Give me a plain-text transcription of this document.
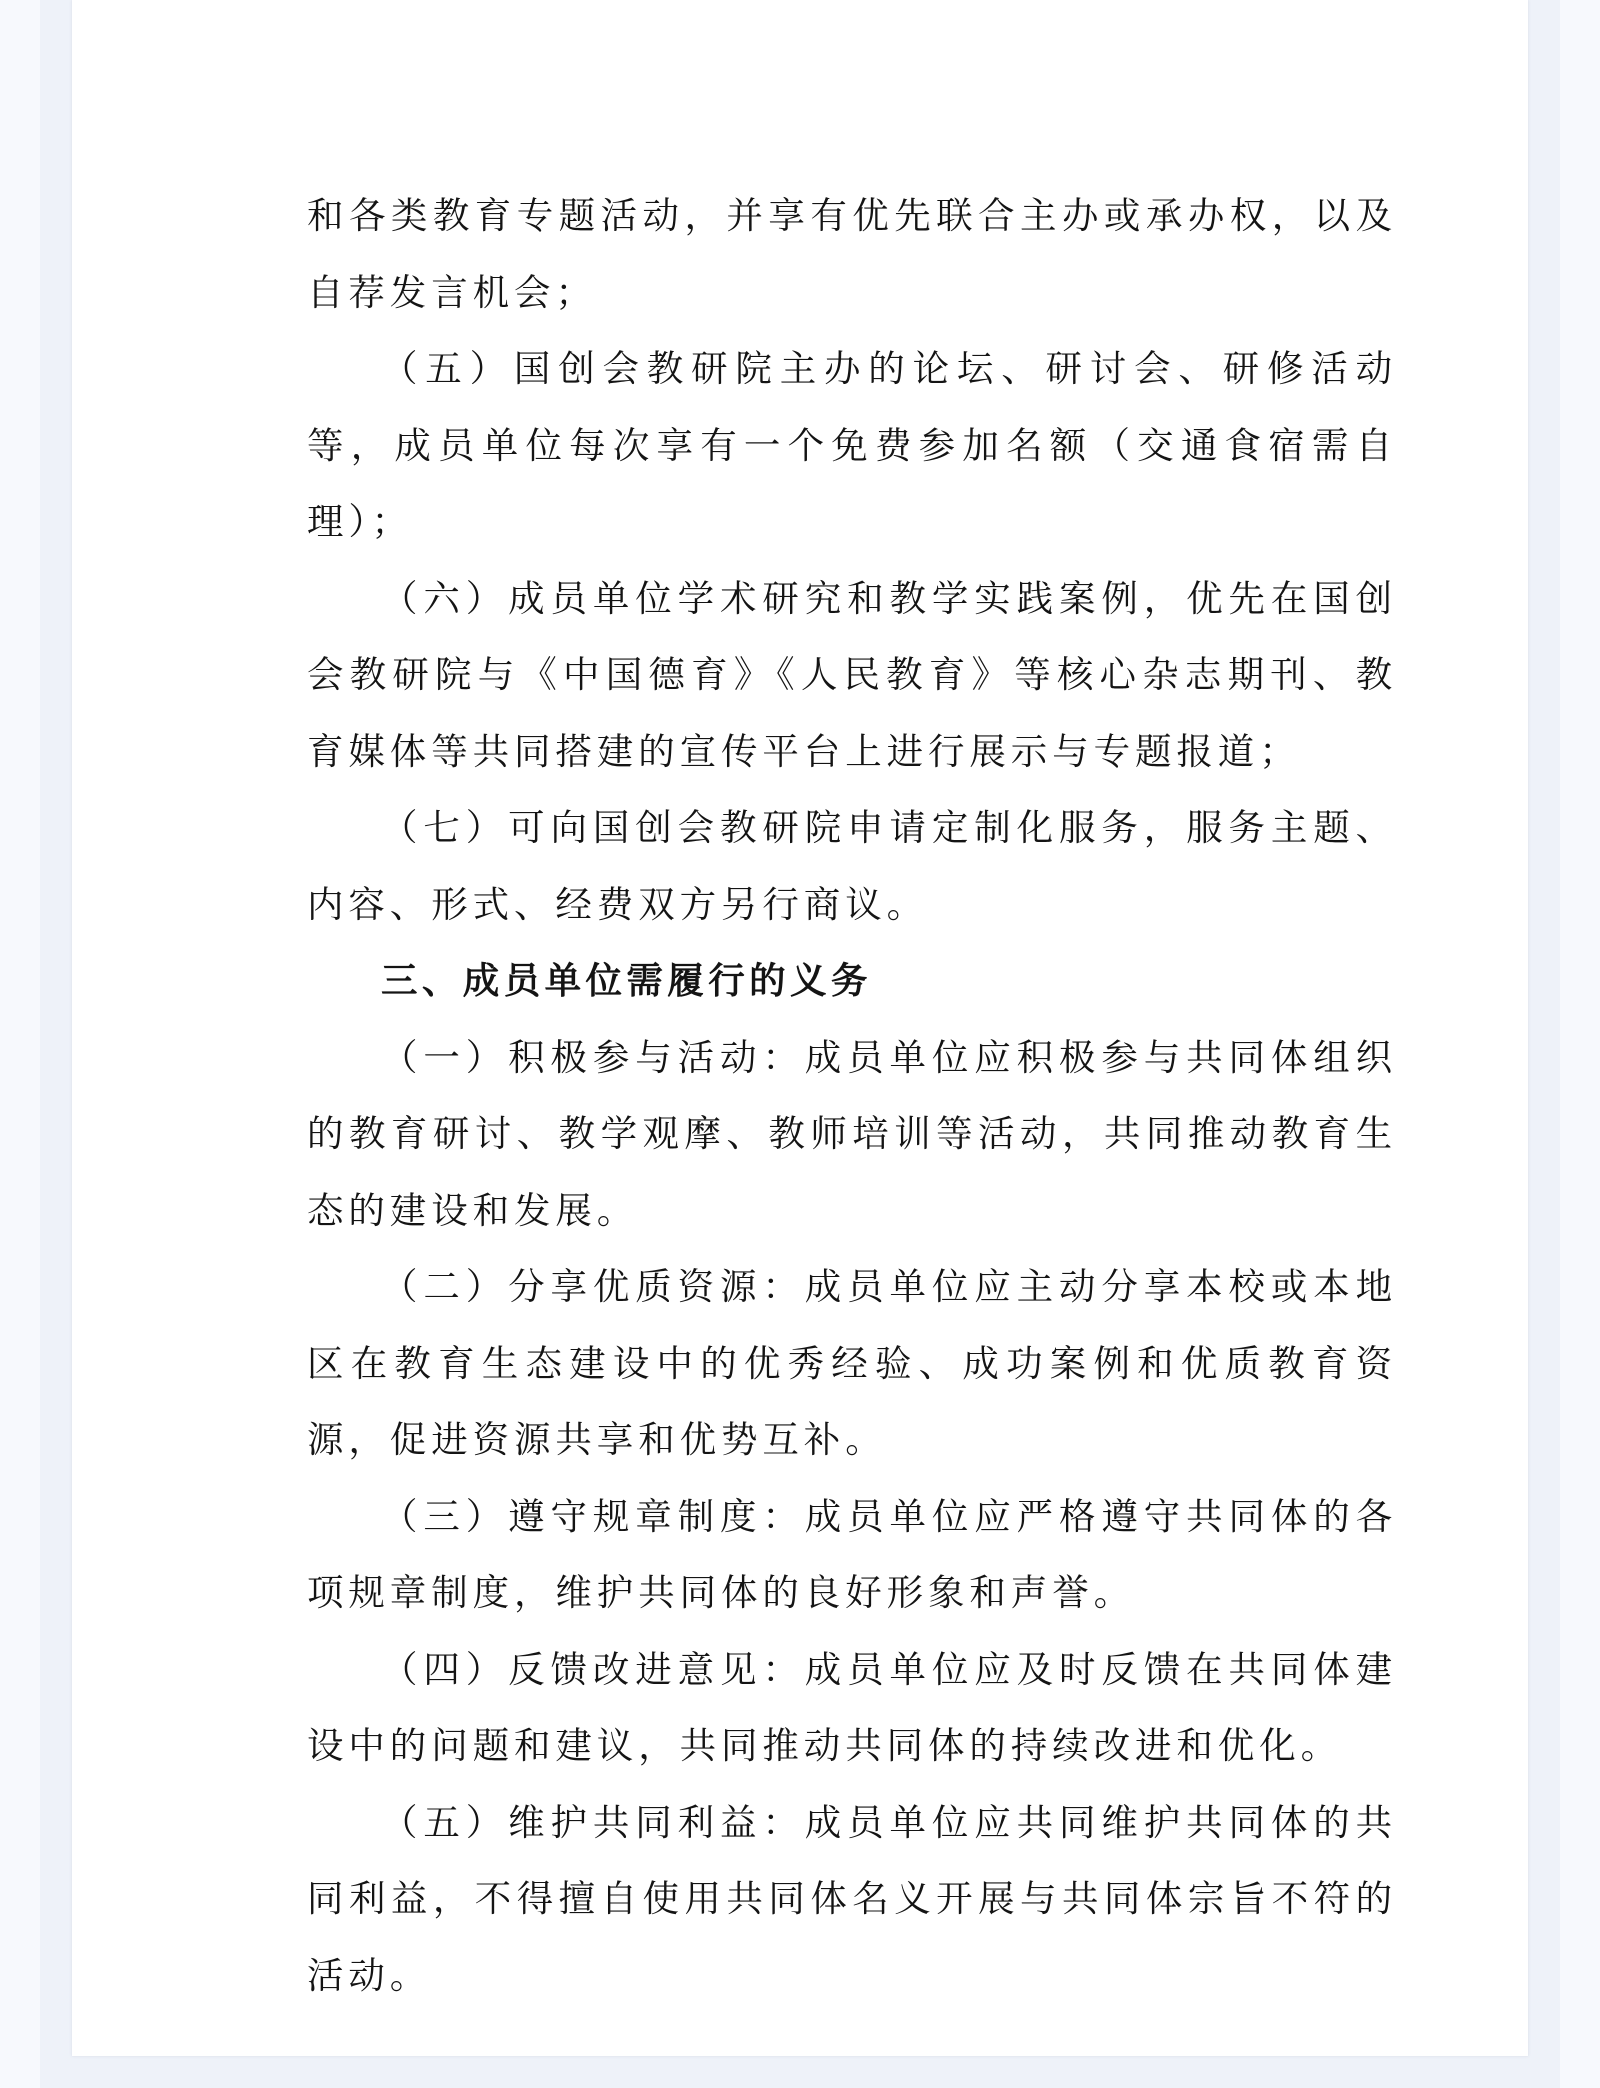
和各类教育专题活动，并享有优先联合主办或承办权，以及自荐发言机会；

（五）国创会教研院主办的论坛、研讨会、研修活动等，成员单位每次享有一个免费参加名额（交通食宿需自理）；

（六）成员单位学术研究和教学实践案例，优先在国创会教研院与《中国德育》《人民教育》等核心杂志期刊、教育媒体等共同搭建的宣传平台上进行展示与专题报道；

（七）可向国创会教研院申请定制化服务，服务主题、内容、形式、经费双方另行商议。

三、成员单位需履行的义务

（一）积极参与活动：成员单位应积极参与共同体组织的教育研讨、教学观摩、教师培训等活动，共同推动教育生态的建设和发展。

（二）分享优质资源：成员单位应主动分享本校或本地区在教育生态建设中的优秀经验、成功案例和优质教育资源，促进资源共享和优势互补。

（三）遵守规章制度：成员单位应严格遵守共同体的各项规章制度，维护共同体的良好形象和声誉。

（四）反馈改进意见：成员单位应及时反馈在共同体建设中的问题和建议，共同推动共同体的持续改进和优化。

（五）维护共同利益：成员单位应共同维护共同体的共同利益，不得擅自使用共同体名义开展与共同体宗旨不符的活动。
